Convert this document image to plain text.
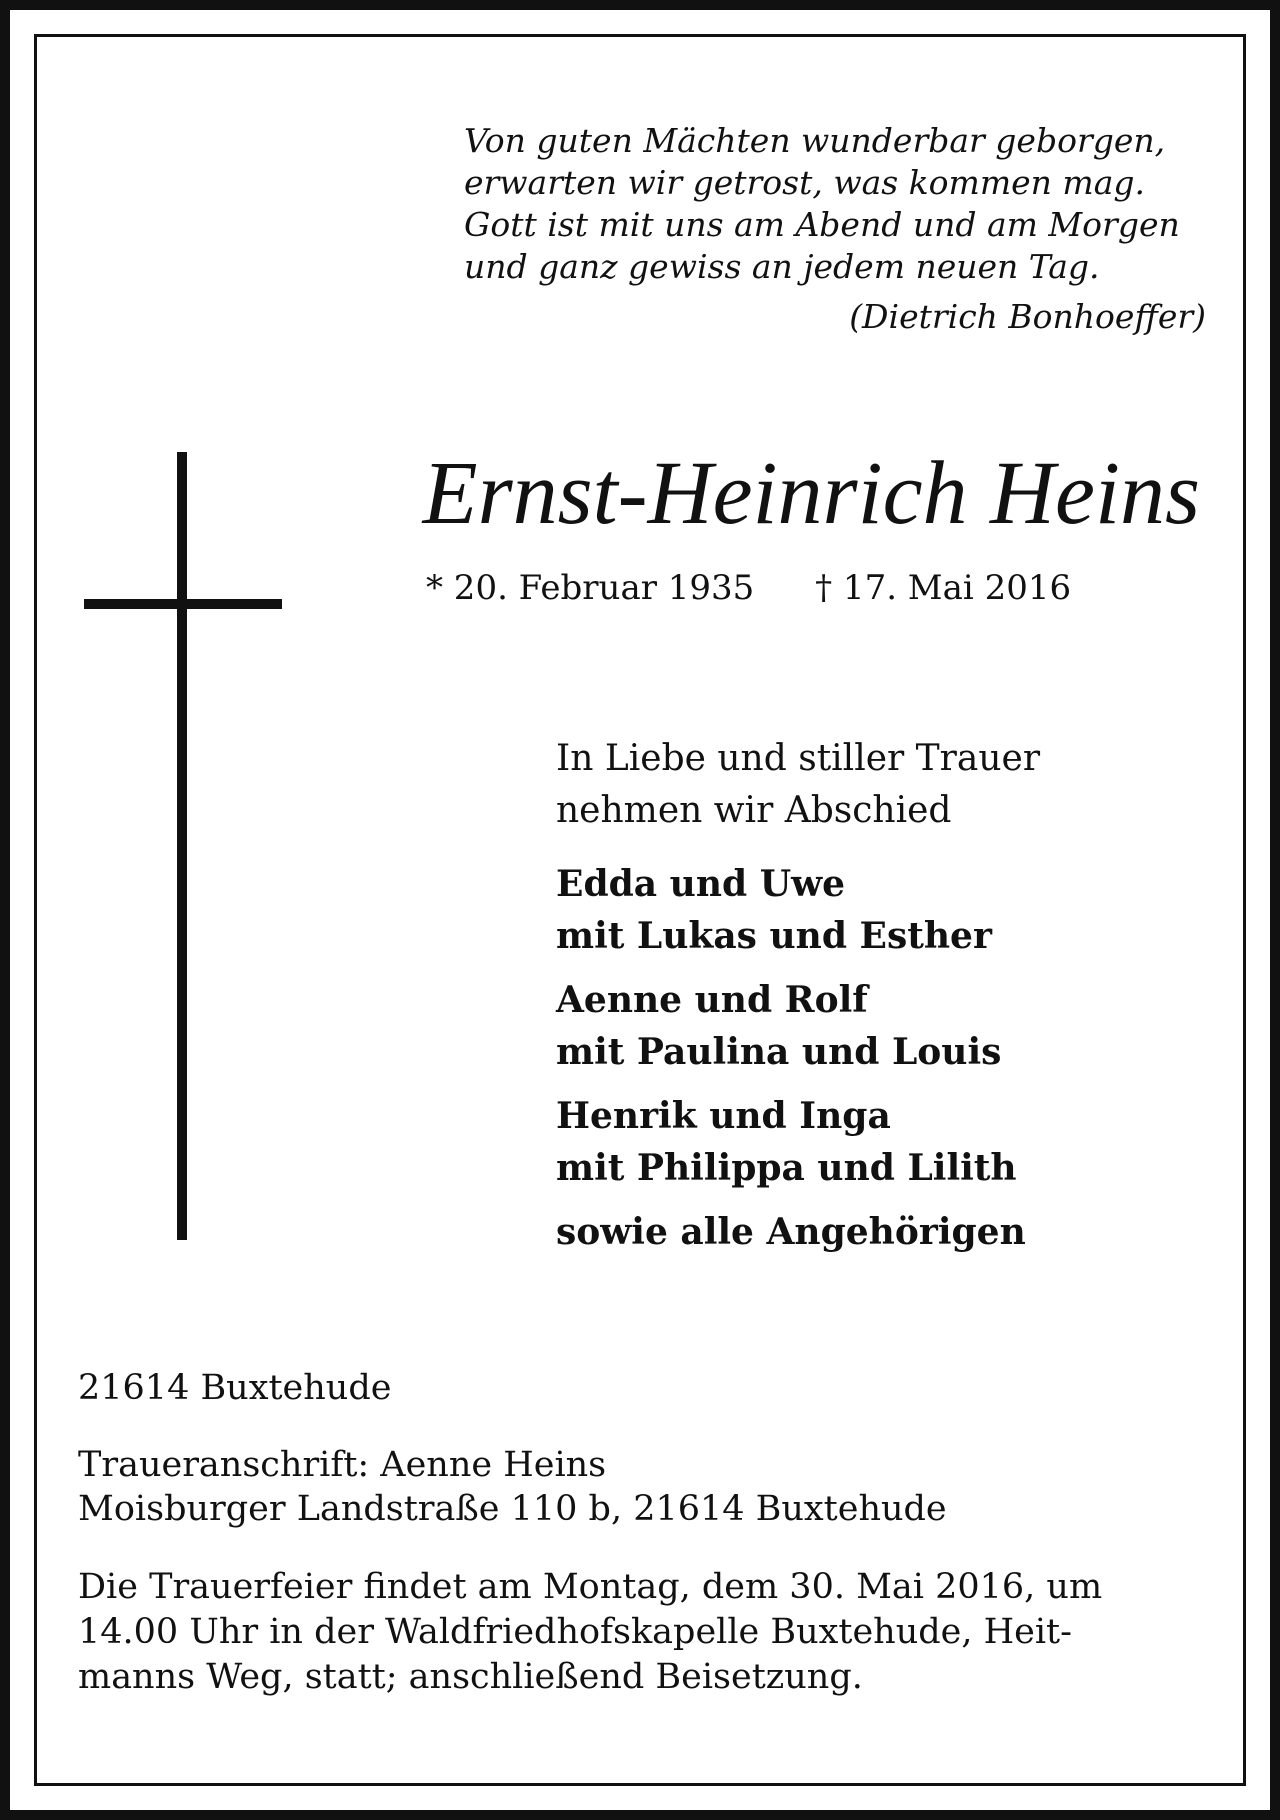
Von guten Mächten wunderbar geborgen,
erwarten wir getrost, was kommen mag.
Gott ist mit uns am Abend und am Morgen
und ganz gewiss an jedem neuen Tag.
(Dietrich Bonhoeffer)
Ernst-Heinrich Heins
* 20. Februar 1935 † 17. Mai 2016
In Liebe und stiller Trauer
nehmen wir Abschied
Edda und Uwe
mit Lukas und Esther
Aenne und Rolf
mit Paulina und Louis
Henrik und Inga
mit Philippa und Lilith
sowie alle Angehörigen
21614 Buxtehude
Traueranschrift: Aenne Heins
Moisburger Landstraße 110 b, 21614 Buxtehude
Die Trauerfeier findet am Montag, dem 30. Mai 2016, um
14.00 Uhr in der Waldfriedhofskapelle Buxtehude, Heit-
manns Weg, statt; anschließend Beisetzung.
